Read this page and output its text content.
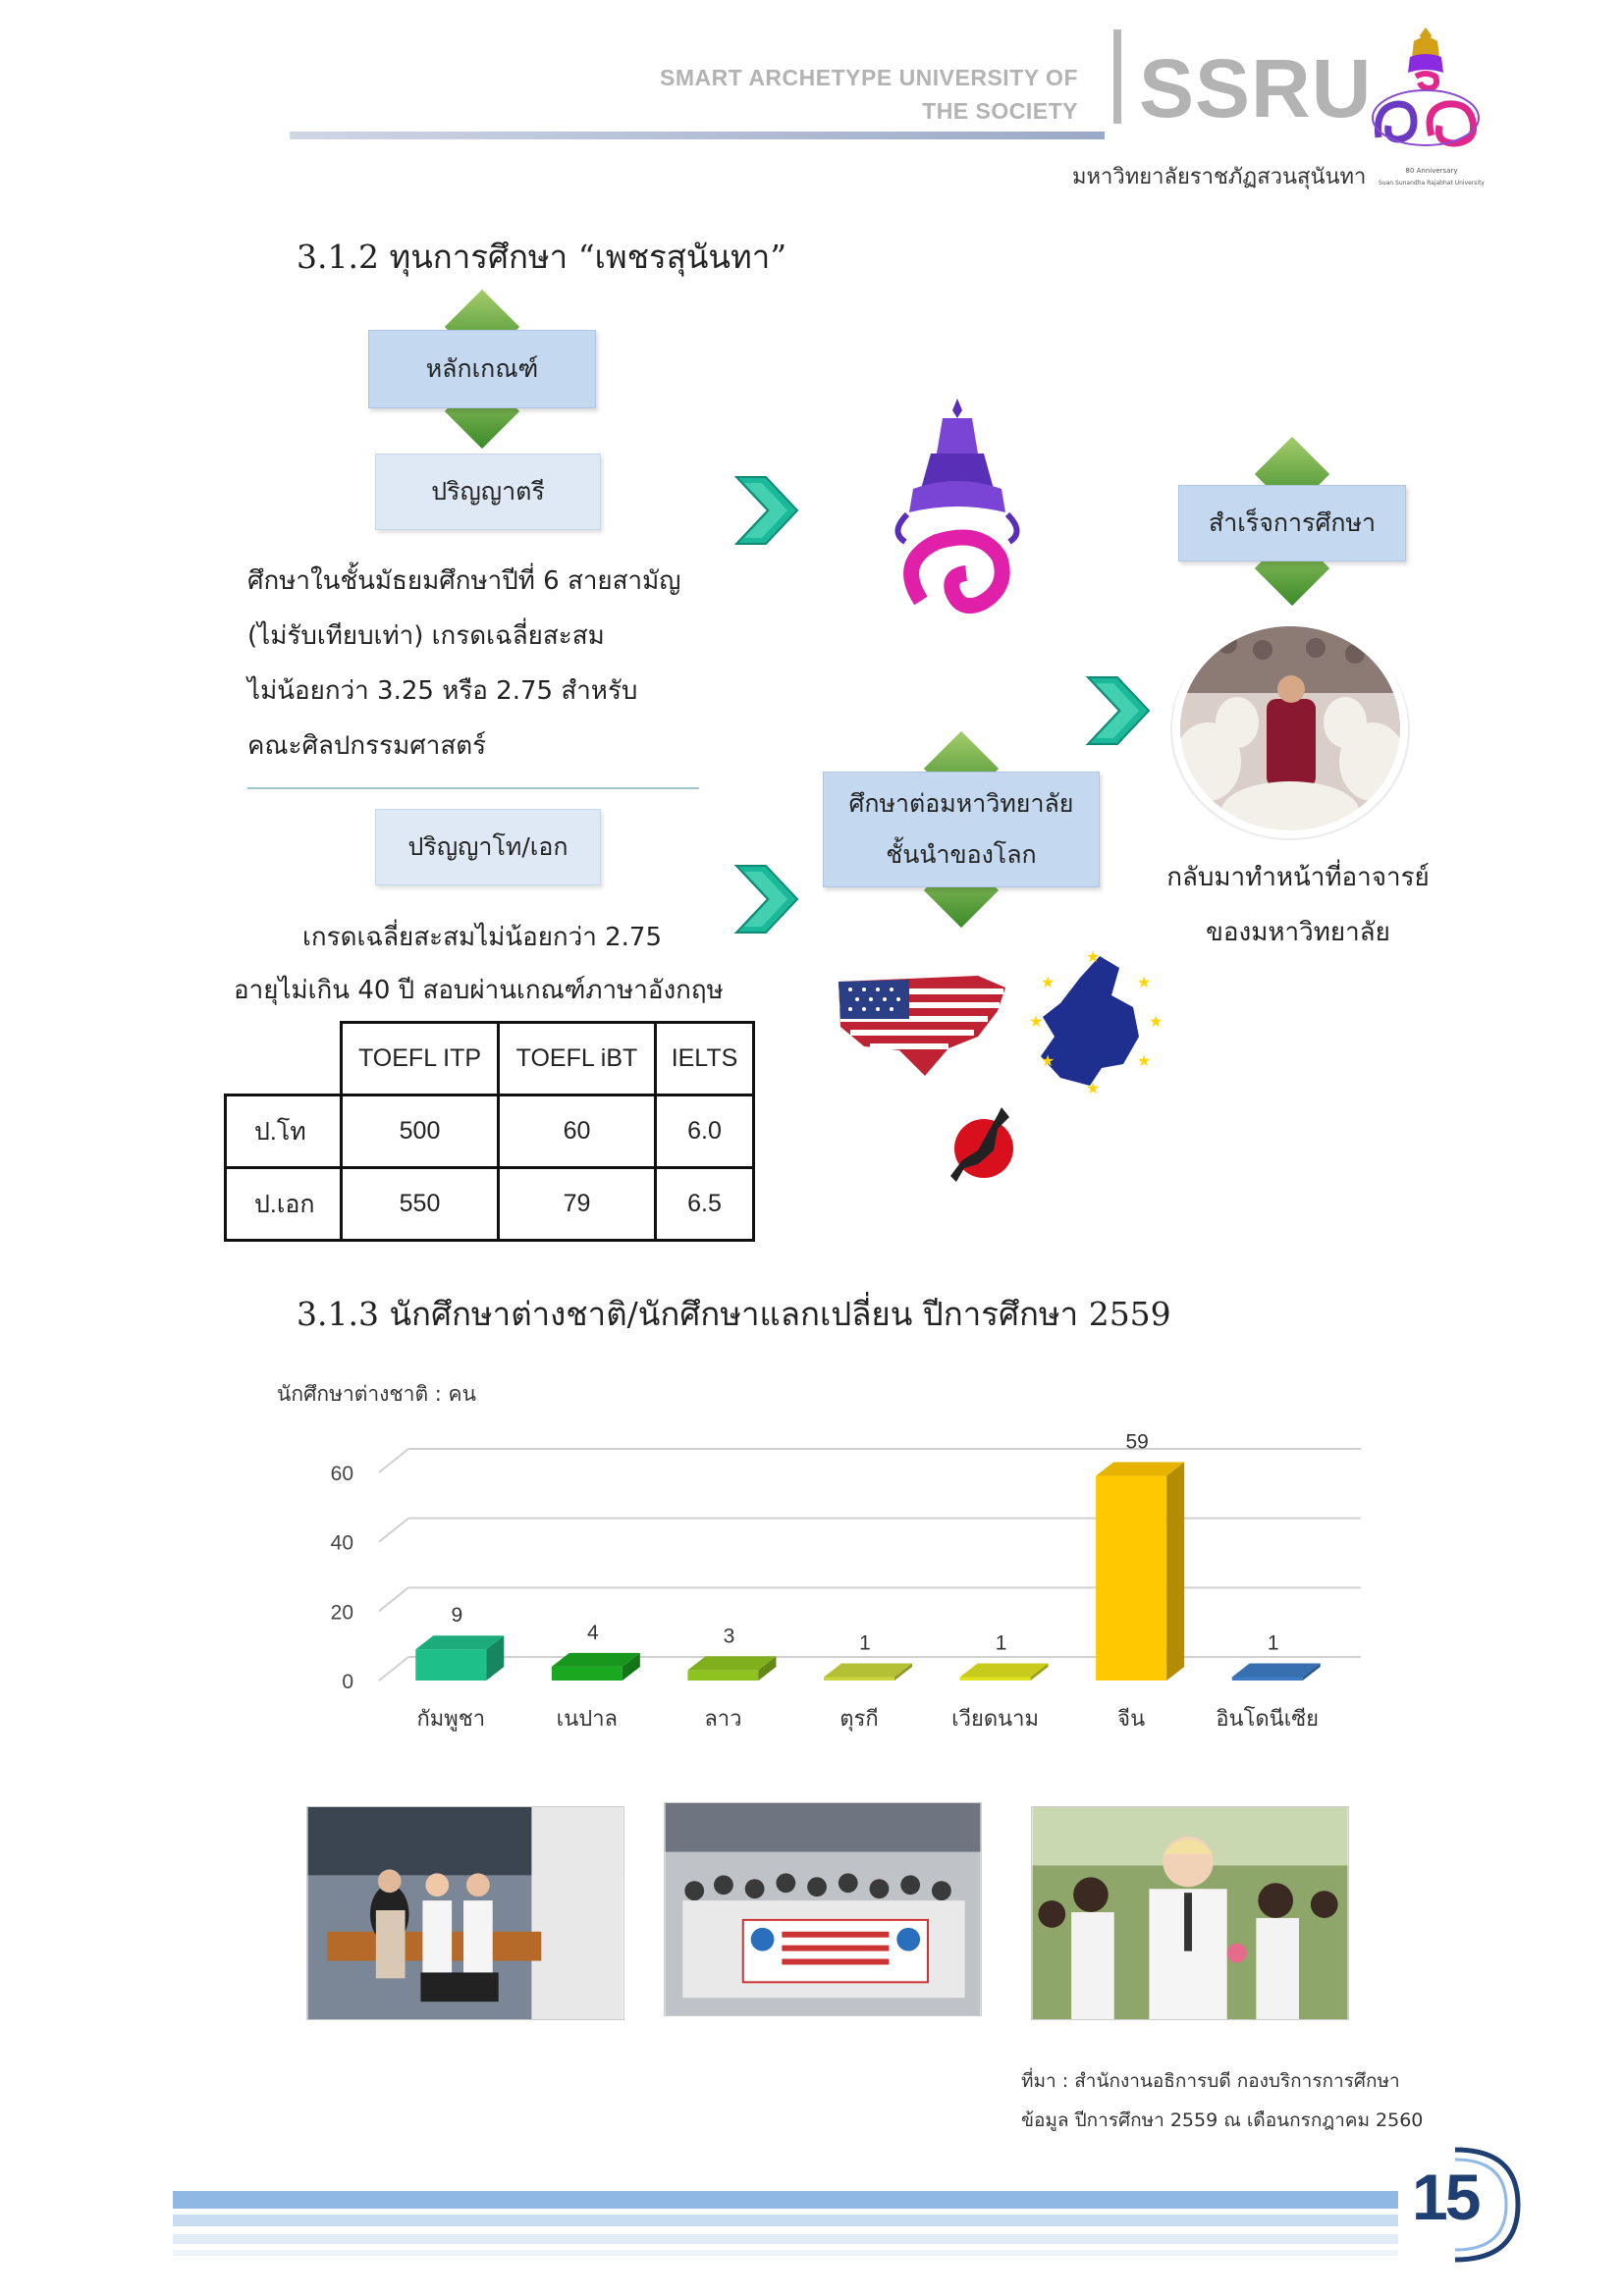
SMART ARCHETYPE UNIVERSITY OF
THE SOCIETY SSRU
มหาวิทยาลัยราชภัฏสวนสุนันทา	80 Anniversary
Suan Sunandha Rajabhat University
3.1.2 ทุนการศึกษา “เพชรสุนันทา”
หลักเกณฑ์
ปริญญาตรี
ศึกษาในชั้นมัธยมศึกษาปีที่ 6 สายสามัญ
(ไม่รับเทียบเท่า) เกรดเฉลี่ยสะสม
ไม่น้อยกว่า 3.25 หรือ 2.75 สำหรับ
คณะศิลปกรรมศาสตร์
ปริญญาโท/เอก
เกรดเฉลี่ยสะสมไม่น้อยกว่า 2.75
อายุไม่เกิน 40 ปี สอบผ่านเกณฑ์ภาษาอังกฤษ
	TOEFL ITP	TOEFL iBT	IELTS
ป.โท	500	60	6.0
ป.เอก	550	79	6.5
ศึกษาต่อมหาวิทยาลัย
ชั้นนำของโลก
★	★
★	★
★	★
★
★
สำเร็จการศึกษา
กลับมาทำหน้าที่อาจารย์
ของมหาวิทยาลัย
3.1.3 นักศึกษาต่างชาติ/นักศึกษาแลกเปลี่ยน ปีการศึกษา 2559
นักศึกษาต่างชาติ : คน
0
20
40
60
9
กัมพูชา
4
เนปาล
3
ลาว
1
ตุรกี
1
เวียดนาม
59
จีน
1
อินโดนีเซีย
ที่มา : สำนักงานอธิการบดี กองบริการการศึกษา
ข้อมูล ปีการศึกษา 2559 ณ เดือนกรกฎาคม 2560
15
